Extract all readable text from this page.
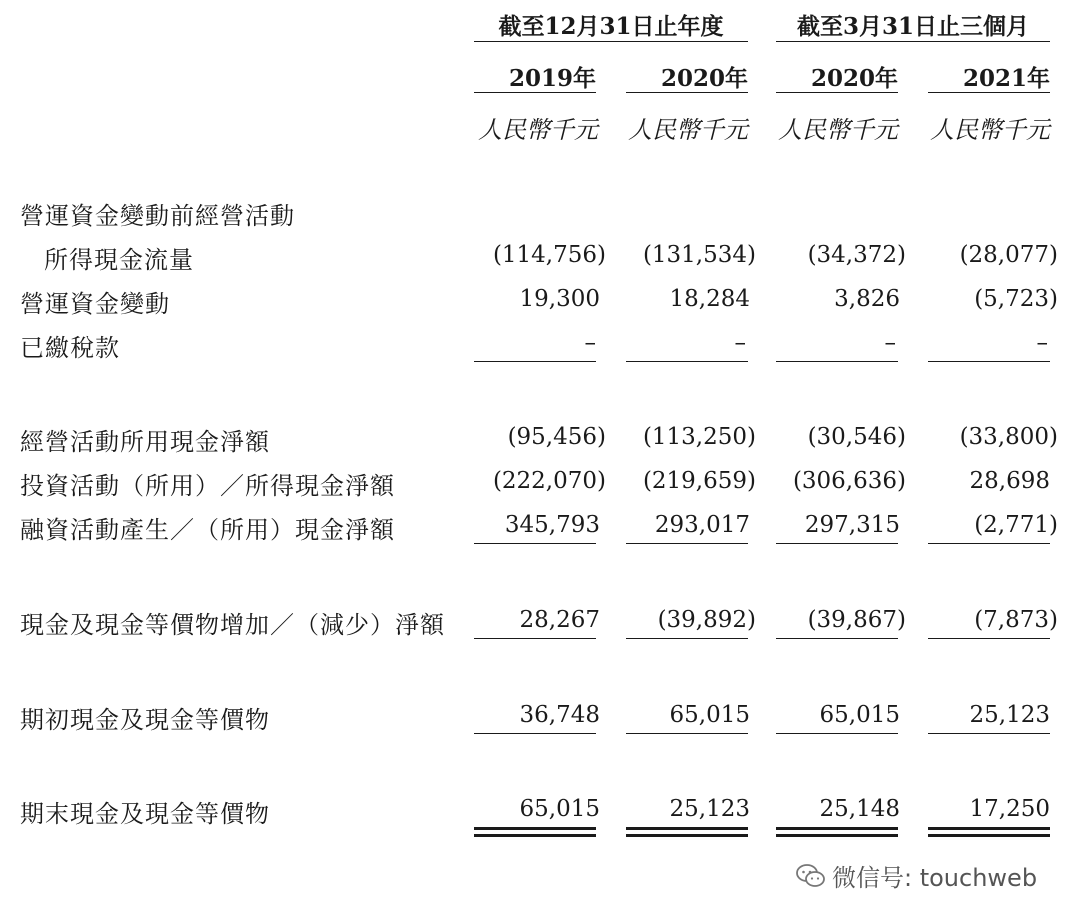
截至12月31日止年度	截至3月31日止三個月
2019年	2020年	2020年	2021年
人民幣千元	人民幣千元	人民幣千元	人民幣千元
營運資金變動前經營活動
所得現金流量	(114,756)	(131,534)	(34,372)	(28,077)
營運資金變動	19,300	18,284	3,826	(5,723)
已繳稅款	–	–	–	–
經營活動所用現金淨額	(95,456)	(113,250)	(30,546)	(33,800)
投資活動（所用）／所得現金淨額	(222,070)	(219,659)	(306,636)	28,698
融資活動產生／（所用）現金淨額	345,793	293,017	297,315	(2,771)
現金及現金等價物增加／（減少）淨額	28,267	(39,892)	(39,867)	(7,873)
期初現金及現金等價物	36,748	65,015	65,015	25,123
期末現金及現金等價物	65,015	25,123	25,148	17,250
微信号: touchweb
